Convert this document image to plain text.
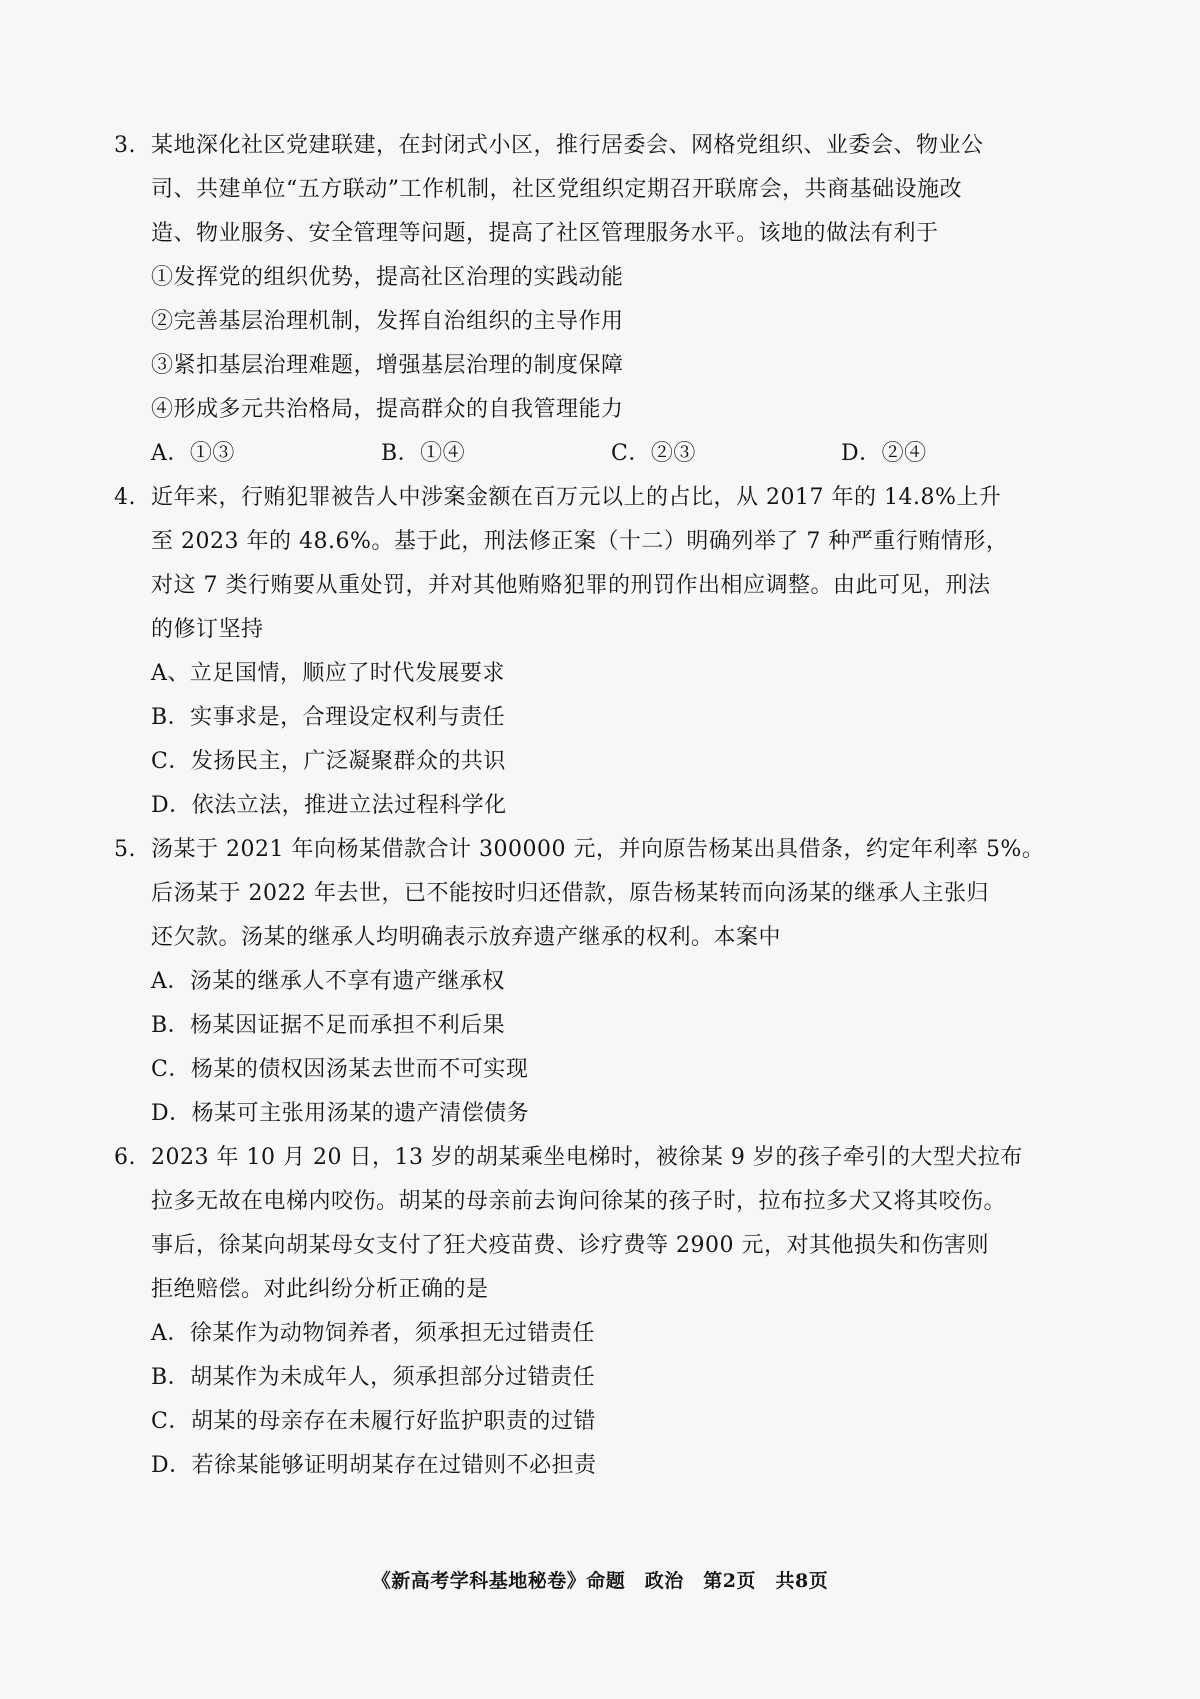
3. 某地深化社区党建联建，在封闭式小区，推行居委会、网格党组织、业委会、物业公
司、共建单位“五方联动”工作机制，社区党组织定期召开联席会，共商基础设施改
造、物业服务、安全管理等问题，提高了社区管理服务水平。该地的做法有利于
①发挥党的组织优势，提高社区治理的实践动能
②完善基层治理机制，发挥自治组织的主导作用
③紧扣基层治理难题，增强基层治理的制度保障
④形成多元共治格局，提高群众的自我管理能力
A．①③	B．①④	C．②③	D．②④
4. 近年来，行贿犯罪被告人中涉案金额在百万元以上的占比，从 2017 年的 14.8%上升
至 2023 年的 48.6%。基于此，刑法修正案（十二）明确列举了 7 种严重行贿情形，
对这 7 类行贿要从重处罚，并对其他贿赂犯罪的刑罚作出相应调整。由此可见，刑法
的修订坚持
A、立足国情，顺应了时代发展要求
B．实事求是，合理设定权利与责任
C．发扬民主，广泛凝聚群众的共识
D．依法立法，推进立法过程科学化
5. 汤某于 2021 年向杨某借款合计 300000 元，并向原告杨某出具借条，约定年利率 5%。
后汤某于 2022 年去世，已不能按时归还借款，原告杨某转而向汤某的继承人主张归
还欠款。汤某的继承人均明确表示放弃遗产继承的权利。本案中
A．汤某的继承人不享有遗产继承权
B．杨某因证据不足而承担不利后果
C．杨某的债权因汤某去世而不可实现
D．杨某可主张用汤某的遗产清偿债务
6. 2023 年 10 月 20 日，13 岁的胡某乘坐电梯时，被徐某 9 岁的孩子牵引的大型犬拉布
拉多无故在电梯内咬伤。胡某的母亲前去询问徐某的孩子时，拉布拉多犬又将其咬伤。
事后，徐某向胡某母女支付了狂犬疫苗费、诊疗费等 2900 元，对其他损失和伤害则
拒绝赔偿。对此纠纷分析正确的是
A．徐某作为动物饲养者，须承担无过错责任
B．胡某作为未成年人，须承担部分过错责任
C．胡某的母亲存在未履行好监护职责的过错
D．若徐某能够证明胡某存在过错则不必担责
《新高考学科基地秘卷》命题　政治　第2页　共8页
